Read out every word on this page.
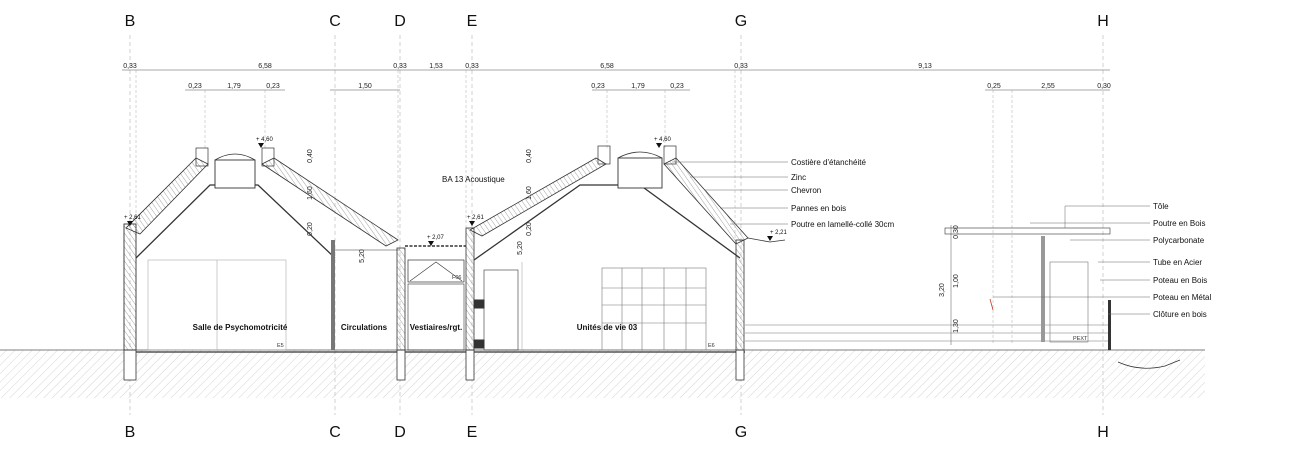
B	C	D	E	G	H
B	C	D	E	G	H
0,33	6,58	0,33	1,53	0,33	6,58	0,33	9,13
0,23	1,79	0,23	1,50	0,23	1,79	0,23	0,25	2,55	0,30
0,40
0,20
5,20
0,40
1,60
0,20
5,20
0,30
1,00
3,20
1,30
+ 4,60
+ 2,61
+ 2,07
+ 2,61
+ 4,60
+ 2,21
Salle de Psychomotricité	Circulations	Vestiaires/rgt.	Unités de vie 03
E5	E6
F06
PEXT
BA 13 Acoustique
Costière d'étanchéité
Zinc
Chevron
Pannes en bois
Poutre en lamellé-collé 30cm
Tôle
Poutre en Bois
Polycarbonate
Tube en Acier
Poteau en Bois
Poteau en Métal
Clôture en bois
